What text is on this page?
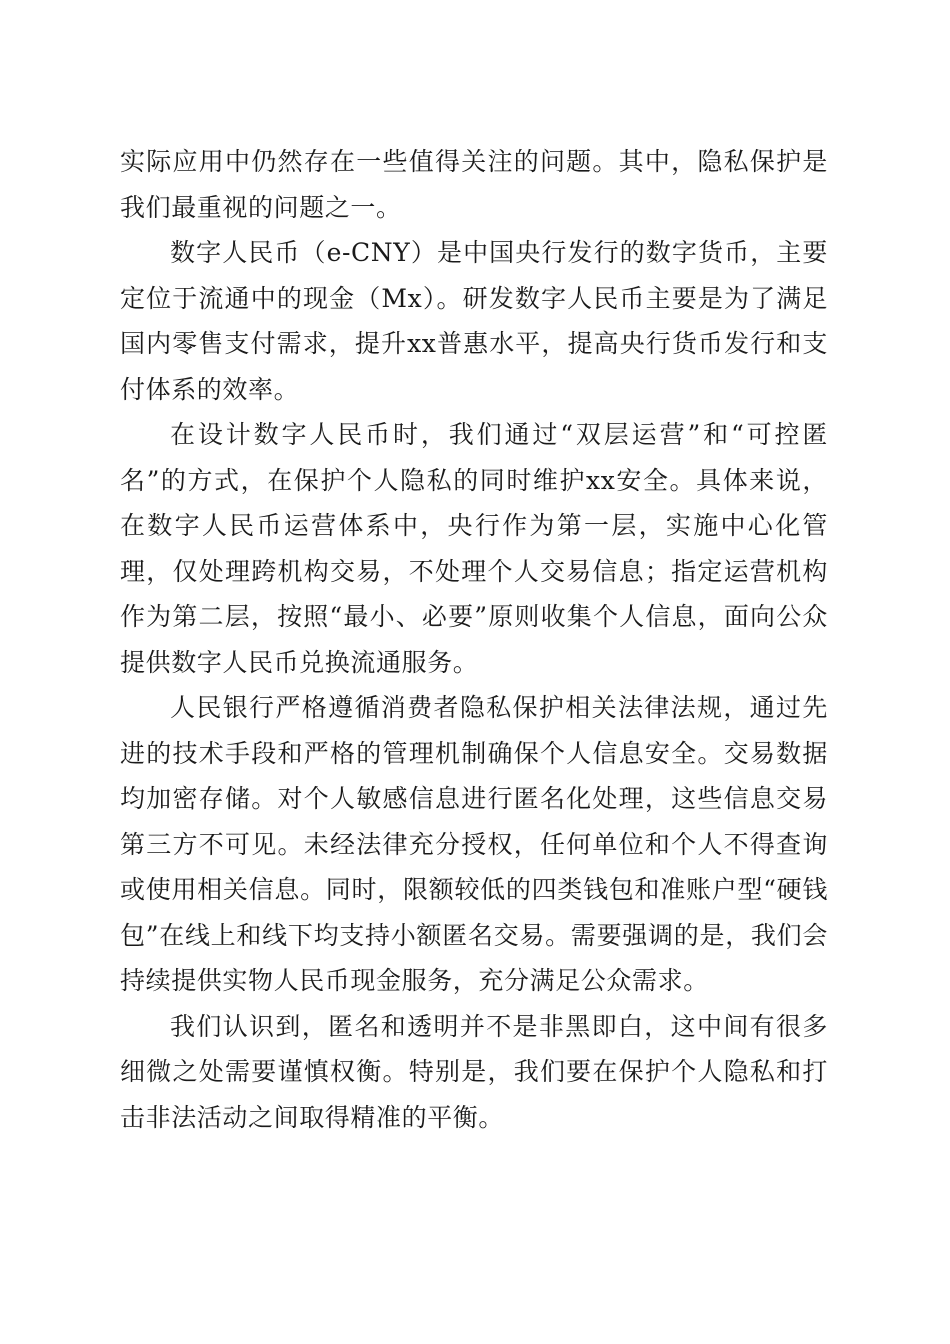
实际应用中仍然存在一些值得关注的问题。其中，隐私保护是我们最重视的问题之一。

数字人民币（e-CNY）是中国央行发行的数字货币，主要定位于流通中的现金（Mx）。研发数字人民币主要是为了满足国内零售支付需求，提升xx普惠水平，提高央行货币发行和支付体系的效率。

在设计数字人民币时，我们通过“双层运营”和“可控匿名”的方式，在保护个人隐私的同时维护xx安全。具体来说，在数字人民币运营体系中，央行作为第一层，实施中心化管理，仅处理跨机构交易，不处理个人交易信息；指定运营机构作为第二层，按照“最小、必要”原则收集个人信息，面向公众提供数字人民币兑换流通服务。

人民银行严格遵循消费者隐私保护相关法律法规，通过先进的技术手段和严格的管理机制确保个人信息安全。交易数据均加密存储。对个人敏感信息进行匿名化处理，这些信息交易第三方不可见。未经法律充分授权，任何单位和个人不得查询或使用相关信息。同时，限额较低的四类钱包和准账户型“硬钱包”在线上和线下均支持小额匿名交易。需要强调的是，我们会持续提供实物人民币现金服务，充分满足公众需求。

我们认识到，匿名和透明并不是非黑即白，这中间有很多细微之处需要谨慎权衡。特别是，我们要在保护个人隐私和打击非法活动之间取得精准的平衡。
